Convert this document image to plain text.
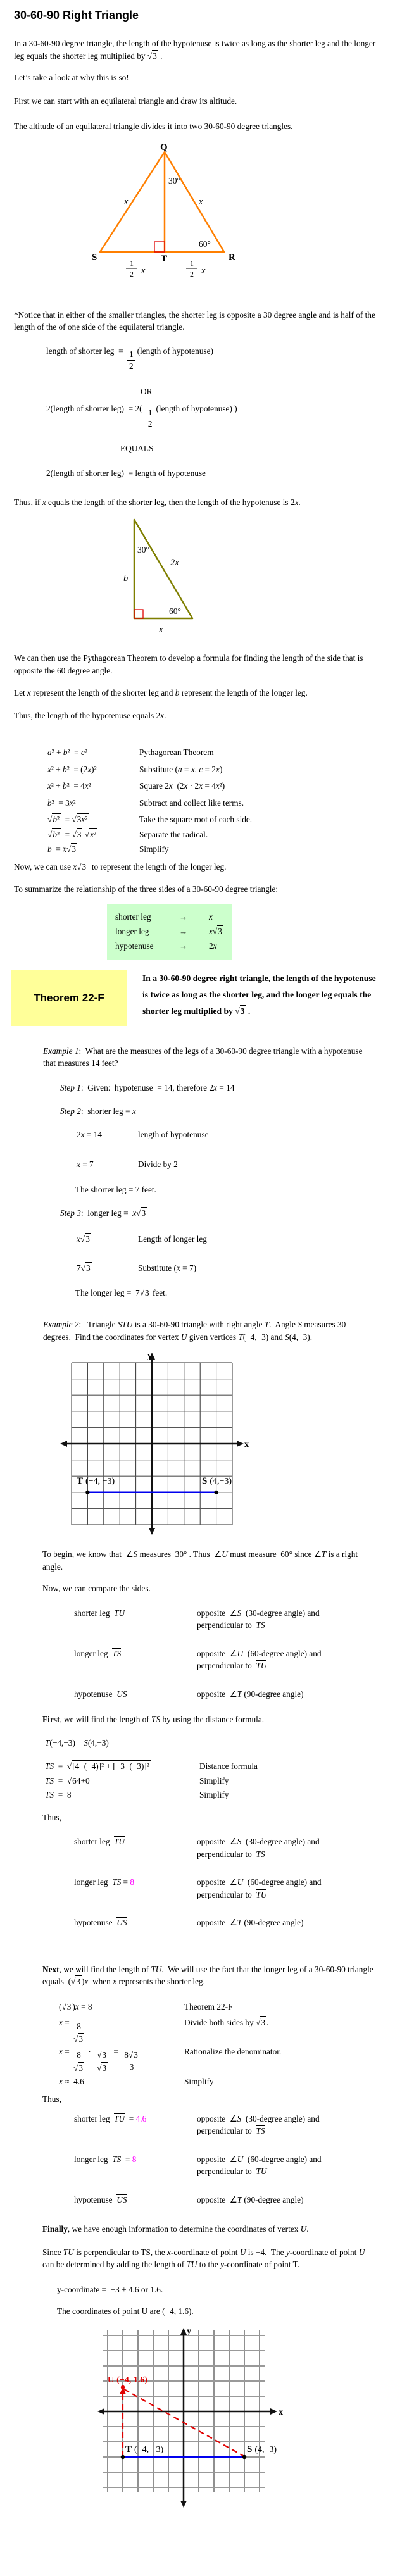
30-60-90 Right Triangle

In a 30-60-90 degree triangle, the length of the hypotenuse is twice as long as the shorter leg and the longer leg equals the shorter leg multiplied by √3 .

Let’s take a look at why this is so!

First we can start with an equilateral triangle and draw its altitude.

The altitude of an equilateral triangle divides it into two 30-60-90 degree triangles.

Q
S	T	R
30°
60°
x	x
1
2 x
1
2 x

*Notice that in either of the smaller triangles, the shorter leg is opposite a 30 degree angle and is half of the length of the of one side of the equilateral triangle.

length of shorter leg  = $\frac{1}{2}$ (length of hypotenuse)
OR
2(length of shorter $leg) = 2( \frac{1}{2}$ (length of hypotenuse) )
EQUALS
2(length of shorter leg)  = length of hypotenuse

Thus, if x equals the length of the shorter leg, then the length of the hypotenuse is 2x.

30°
2x
b
60°
x

We can then use the Pythagorean Theorem to develop a formula for finding the length of the side that is opposite the 60 degree angle.

Let x represent the length of the shorter leg and b represent the length of the longer leg.

Thus, the length of the hypotenuse equals 2x.

a² + b²  = c²	Pythagorean Theorem
x² + b²  = (2x)²	Substitute (a = x, c = 2x)
x² + b²  = 4x²	Square 2x  (2x · 2x = 4x²)
b²  = 3x²	Subtract and collect like terms.
√b²  = √3x²	Take the square root of each side.
√b²  = √3 √x²	Separate the radical.
b  = x√3	Simplify

Now, we can use x√3  to represent the length of the longer leg.

To summarize the relationship of the three sides of a 30-60-90 degree triangle:

shorter leg	→	x
longer leg	→	x√3
hypotenuse	→	2x
Theorem 22-F
In a 30-60-90 degree right triangle, the length of the hypotenuse is twice as long as the shorter leg, and the longer leg equals the shorter leg multiplied by √3 .

Example 1:  What are the measures of the legs of a 30-60-90 degree triangle with a hypotenuse that measures 14 feet?

Step 1:  Given:  hypotenuse  = 14, therefore 2x = 14
Step 2:  shorter leg = x
2x = 14	length of hypotenuse
x = 7	Divide by 2
The shorter leg = 7 feet.
Step 3:  longer leg =  x√3
x√3	Length of longer leg
7√3	Substitute (x = 7)
The longer leg =  7√3 feet.

Example 2:   Triangle STU is a 30-60-90 triangle with right angle T.  Angle S measures 30 degrees.  Find the coordinates for vertex U given vertices T(−4,−3) and S(4,−3).

y
x
T (−4, −3)	S (4,−3)

To begin, we know that  ∠S measures  30° . Thus  ∠U must measure  60° since ∠T is a right angle.

Now, we can compare the sides.

shorter leg  TU	opposite  ∠S  (30-degree angle) and
perpendicular to  TS
longer leg  TS	opposite  ∠U  (60-degree angle) and
perpendicular to  TU
hypotenuse  US	opposite  ∠T (90-degree angle)

First, we will find the length of TS by using the distance formula.

T(−4,−3)    S(4,−3)
TS  =  √[4−(−4)]² + [−3−(−3)]²	Distance formula
TS  =  √64+0	Simplify
TS  =  8	Simplify

Thus,

shorter leg  TU	opposite  ∠S  (30-degree angle) and
perpendicular to  TS
longer leg  TS = 8	opposite  ∠U  (60-degree angle) and
perpendicular to  TU
hypotenuse  US	opposite  ∠T (90-degree angle)

Next, we will find the length of TU.  We will use the fact that the longer leg of a 30-60-90 triangle equals  (√3 )x  when x represents the shorter leg.

(√3 )x = 8	Theorem 22-F
$x = \frac{8}{√3}$	Divide both sides by √3 .
$x = \frac{8}{√3} \cdot \frac{√3}{√3} = \frac{8√3}{3}$	Rationalize the denominator.
x ≈  4.6	Simplify

Thus,

shorter leg  TU  = 4.6	opposite  ∠S  (30-degree angle) and
perpendicular to  TS
longer leg  TS  = 8	opposite  ∠U  (60-degree angle) and
perpendicular to  TU
hypotenuse  US	opposite  ∠T (90-degree angle)

Finally, we have enough information to determine the coordinates of vertex U.

Since TU is perpendicular to TS, the x-coordinate of point U is −4.  The y-coordinate of point U can be determined by adding the length of TU to the y-coordinate of point T.

y-coordinate =  −3 + 4.6 or 1.6.
The coordinates of point U are (−4, 1.6).
y
x
U (−4, 1.6)
T (−4, −3)	S (4,−3)
